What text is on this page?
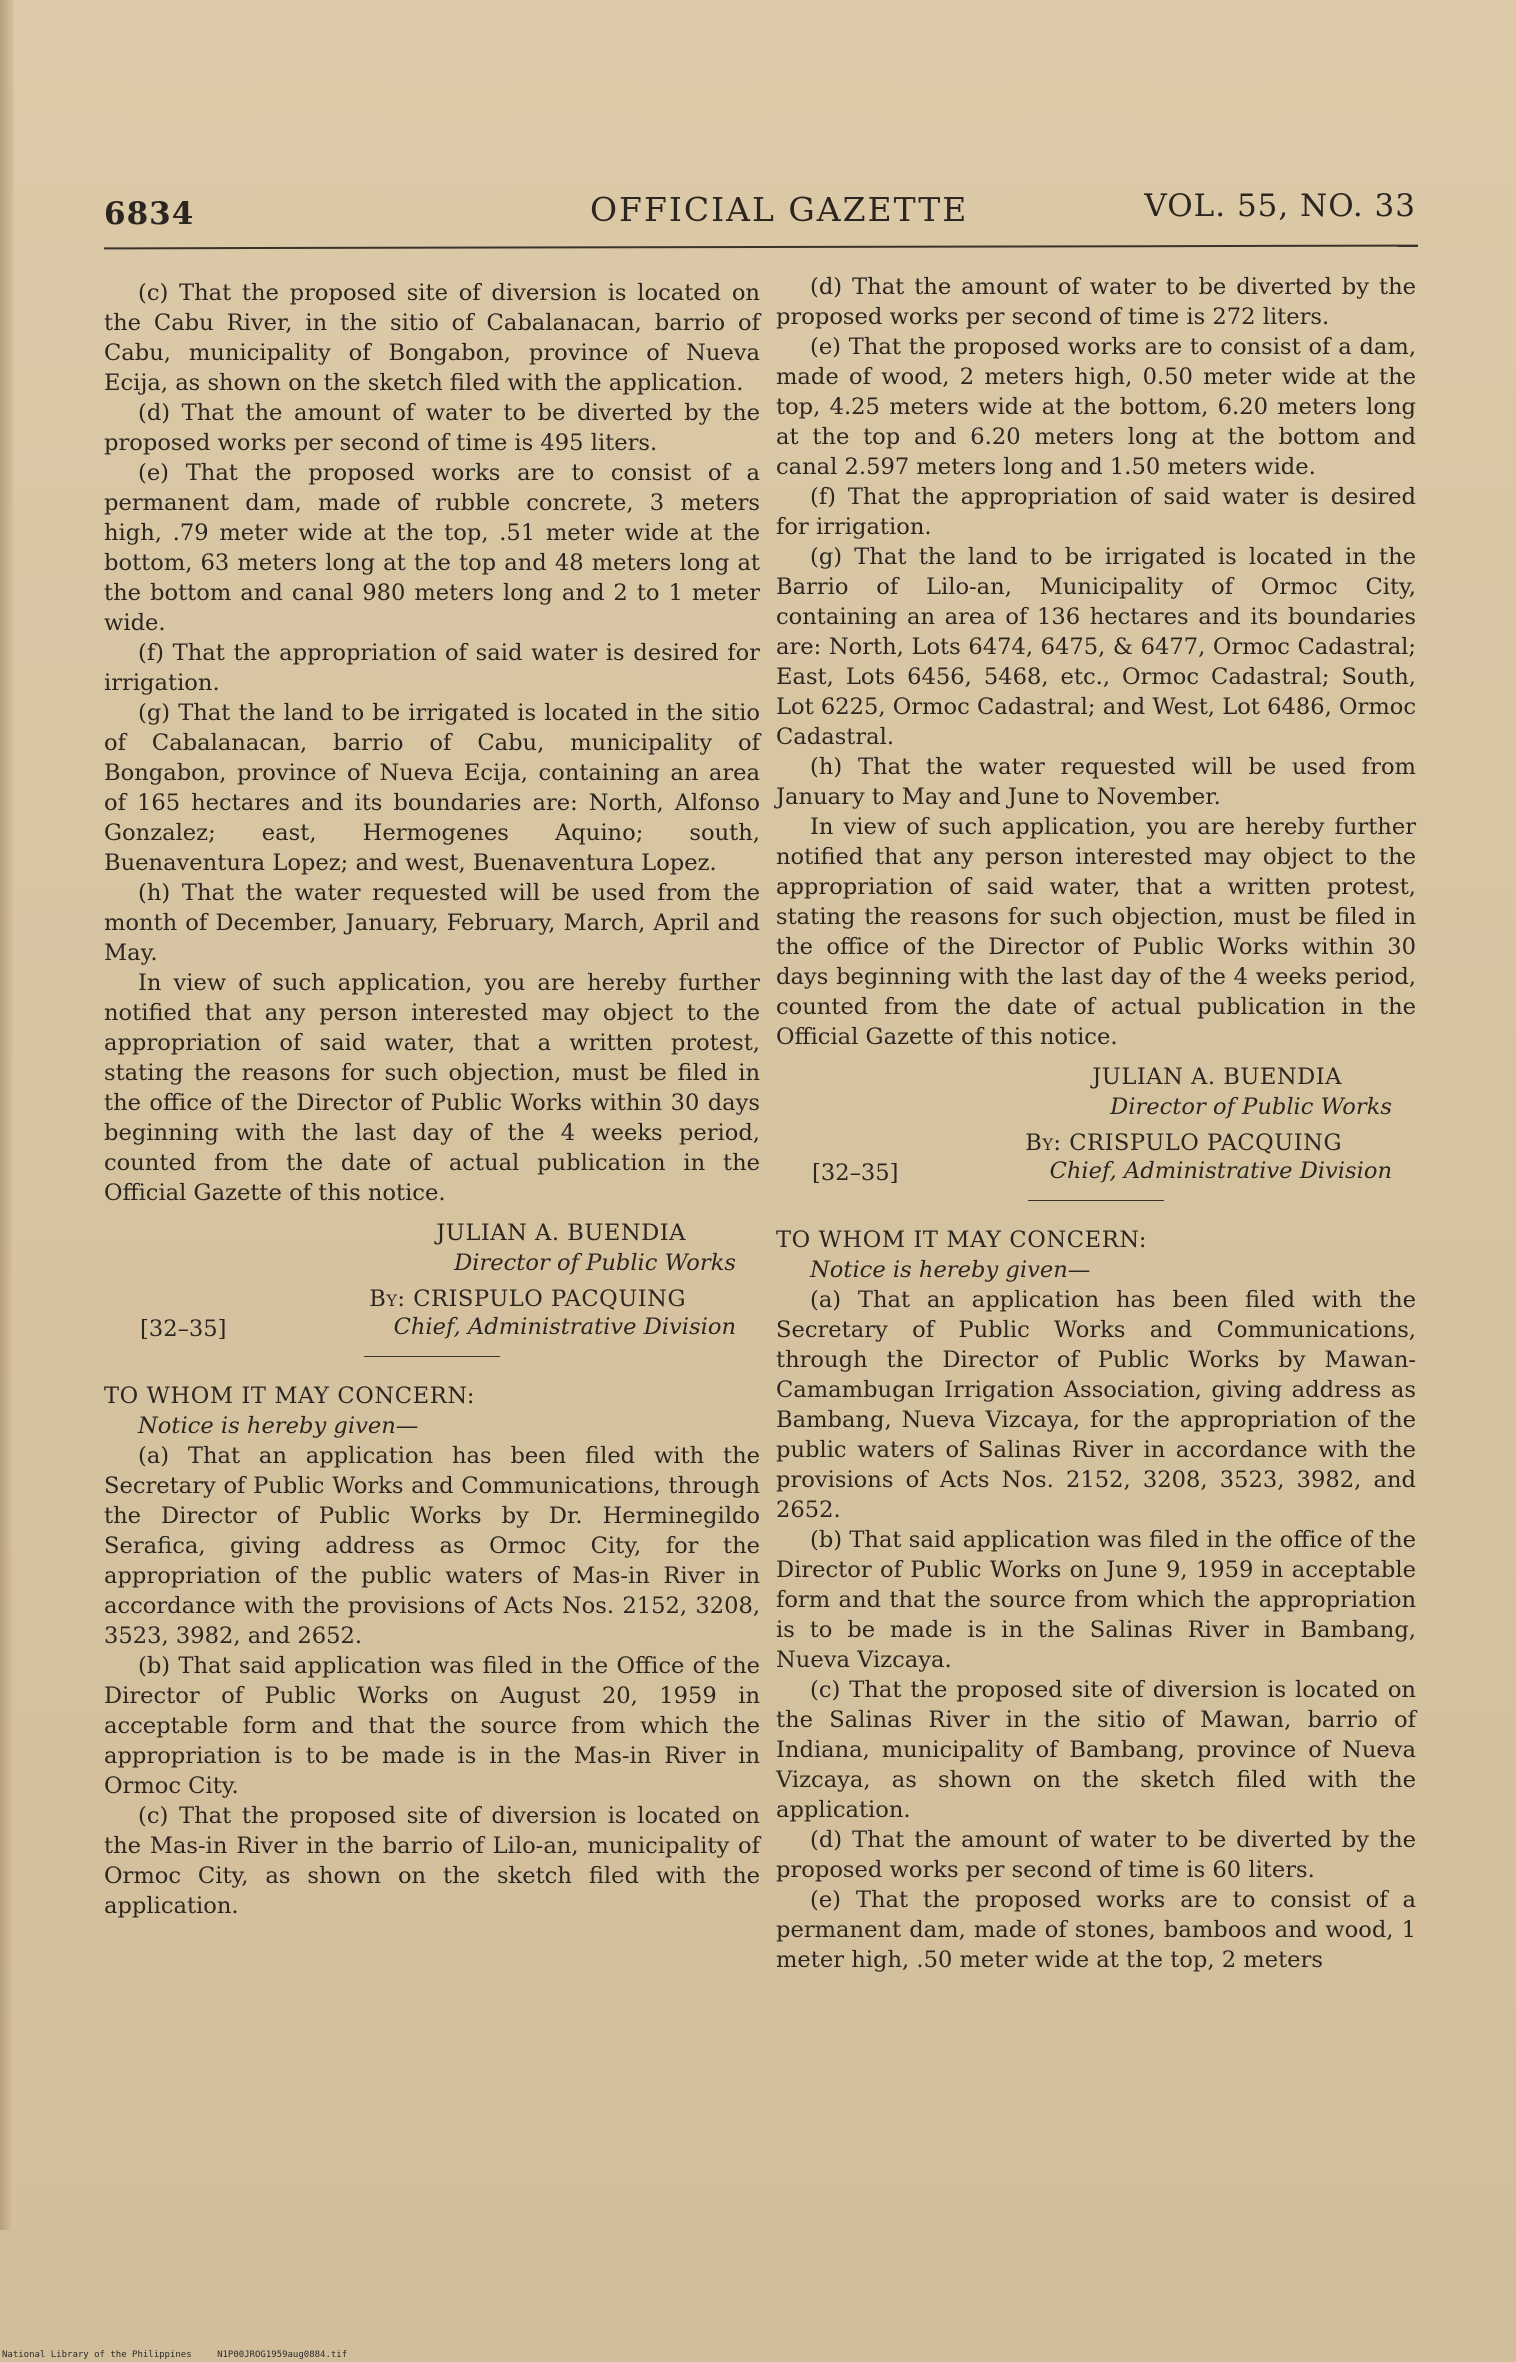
6834	OFFICIAL GAZETTE	VOL. 55, NO. 33

(c) That the proposed site of diversion is located on the Cabu River, in the sitio of Cabalanacan, barrio of Cabu, municipality of Bongabon, province of Nueva Ecija, as shown on the sketch filed with the application.

(d) That the amount of water to be diverted by the proposed works per second of time is 495 liters.

(e) That the proposed works are to consist of a permanent dam, made of rubble concrete, 3 meters high, .79 meter wide at the top, .51 meter wide at the bottom, 63 meters long at the top and 48 meters long at the bottom and canal 980 meters long and 2 to 1 meter wide.

(f) That the appropriation of said water is desired for irrigation.

(g) That the land to be irrigated is located in the sitio of Cabalanacan, barrio of Cabu, municipality of Bongabon, province of Nueva Ecija, containing an area of 165 hectares and its boundaries are: North, Alfonso Gonzalez; east, Hermogenes Aquino; south, Buenaventura Lopez; and west, Buenaventura Lopez.

(h) That the water requested will be used from the month of December, January, February, March, April and May.

In view of such application, you are hereby further notified that any person interested may object to the appropriation of said water, that a written protest, stating the reasons for such objection, must be filed in the office of the Director of Public Works within 30 days beginning with the last day of the 4 weeks period, counted from the date of actual publication in the Official Gazette of this notice.

JULIAN A. BUENDIA
Director of Public Works
By: CRISPULO PACQUING
[32–35]	Chief, Administrative Division

TO WHOM IT MAY CONCERN:

Notice is hereby given—

(a) That an application has been filed with the Secretary of Public Works and Communications, through the Director of Public Works by Dr. Herminegildo Serafica, giving address as Ormoc City, for the appropriation of the public waters of Mas-in River in accordance with the provisions of Acts Nos. 2152, 3208, 3523, 3982, and 2652.

(b) That said application was filed in the Office of the Director of Public Works on August 20, 1959 in acceptable form and that the source from which the appropriation is to be made is in the Mas-in River in Ormoc City.

(c) That the proposed site of diversion is located on the Mas-in River in the barrio of Lilo-an, municipality of Ormoc City, as shown on the sketch filed with the application.

(d) That the amount of water to be diverted by the proposed works per second of time is 272 liters.

(e) That the proposed works are to consist of a dam, made of wood, 2 meters high, 0.50 meter wide at the top, 4.25 meters wide at the bottom, 6.20 meters long at the top and 6.20 meters long at the bottom and canal 2.597 meters long and 1.50 meters wide.

(f) That the appropriation of said water is desired for irrigation.

(g) That the land to be irrigated is located in the Barrio of Lilo-an, Municipality of Ormoc City, containing an area of 136 hectares and its boundaries are: North, Lots 6474, 6475, & 6477, Ormoc Cadastral; East, Lots 6456, 5468, etc., Ormoc Cadastral; South, Lot 6225, Ormoc Cadastral; and West, Lot 6486, Ormoc Cadastral.

(h) That the water requested will be used from January to May and June to November.

In view of such application, you are hereby further notified that any person interested may object to the appropriation of said water, that a written protest, stating the reasons for such objection, must be filed in the office of the Director of Public Works within 30 days beginning with the last day of the 4 weeks period, counted from the date of actual publication in the Official Gazette of this notice.

JULIAN A. BUENDIA
Director of Public Works
By: CRISPULO PACQUING
[32–35]	Chief, Administrative Division

TO WHOM IT MAY CONCERN:

Notice is hereby given—

(a) That an application has been filed with the Secretary of Public Works and Communications, through the Director of Public Works by Mawan-Camambugan Irrigation Association, giving address as Bambang, Nueva Vizcaya, for the appropriation of the public waters of Salinas River in accordance with the provisions of Acts Nos. 2152, 3208, 3523, 3982, and 2652.

(b) That said application was filed in the office of the Director of Public Works on June 9, 1959 in acceptable form and that the source from which the appropriation is to be made is in the Salinas River in Bambang, Nueva Vizcaya.

(c) That the proposed site of diversion is located on the Salinas River in the sitio of Mawan, barrio of Indiana, municipality of Bambang, province of Nueva Vizcaya, as shown on the sketch filed with the application.

(d) That the amount of water to be diverted by the proposed works per second of time is 60 liters.

(e) That the proposed works are to consist of a permanent dam, made of stones, bamboos and wood, 1 meter high, .50 meter wide at the top, 2 meters

National Library of the Philippines	N1P00JROG1959aug0884.tif
